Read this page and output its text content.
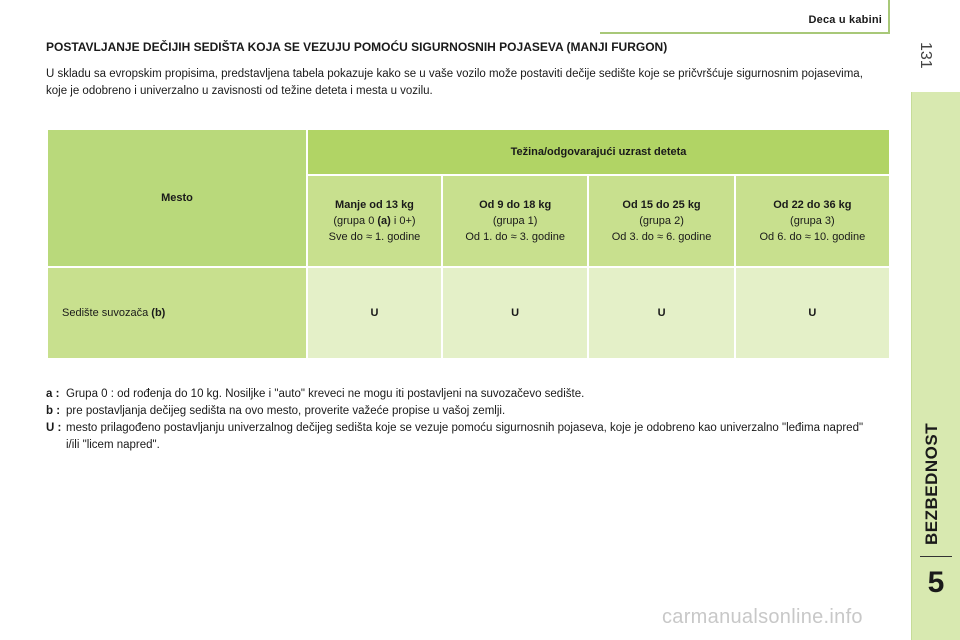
Deca u kabini
131
BEZBEDNOST
5
POSTAVLJANJE DEČIJIH SEDIŠTA KOJA SE VEZUJU POMOĆU SIGURNOSNIH POJASEVA (MANJI FURGON)
U skladu sa evropskim propisima, predstavljena tabela pokazuje kako se u vaše vozilo može postaviti dečije sedište koje se pričvršćuje sigurnosnim pojasevima, koje je odobreno i univerzalno u zavisnosti od težine deteta i mesta u vozilu.
Mesto	Težina/odgovarajući uzrast deteta			
	Manje od 13 kg
(grupa 0 (a) i 0+)
Sve do ≈ 1. godine	Od 9 do 18 kg
(grupa 1)
Od 1. do ≈ 3. godine	Od 15 do 25 kg
(grupa 2)
Od 3. do ≈ 6. godine	Od 22 do 36 kg
(grupa 3)
Od 6. do ≈ 10. godine
Sedište suvozača (b)	U	U	U	U
a : Grupa 0 : od rođenja do 10 kg. Nosiljke i "auto" kreveci ne mogu iti postavljeni na suvozačevo sedište.
b : pre postavljanja dečijeg sedišta na ovo mesto, proverite važeće propise u vašoj zemlji.
U : mesto prilagođeno postavljanju univerzalnog dečijeg sedišta koje se vezuje pomoću sigurnosnih pojaseva, koje je odobreno kao univerzalno "leđima napred" i/ili "licem napred".
carmanualsonline.info
